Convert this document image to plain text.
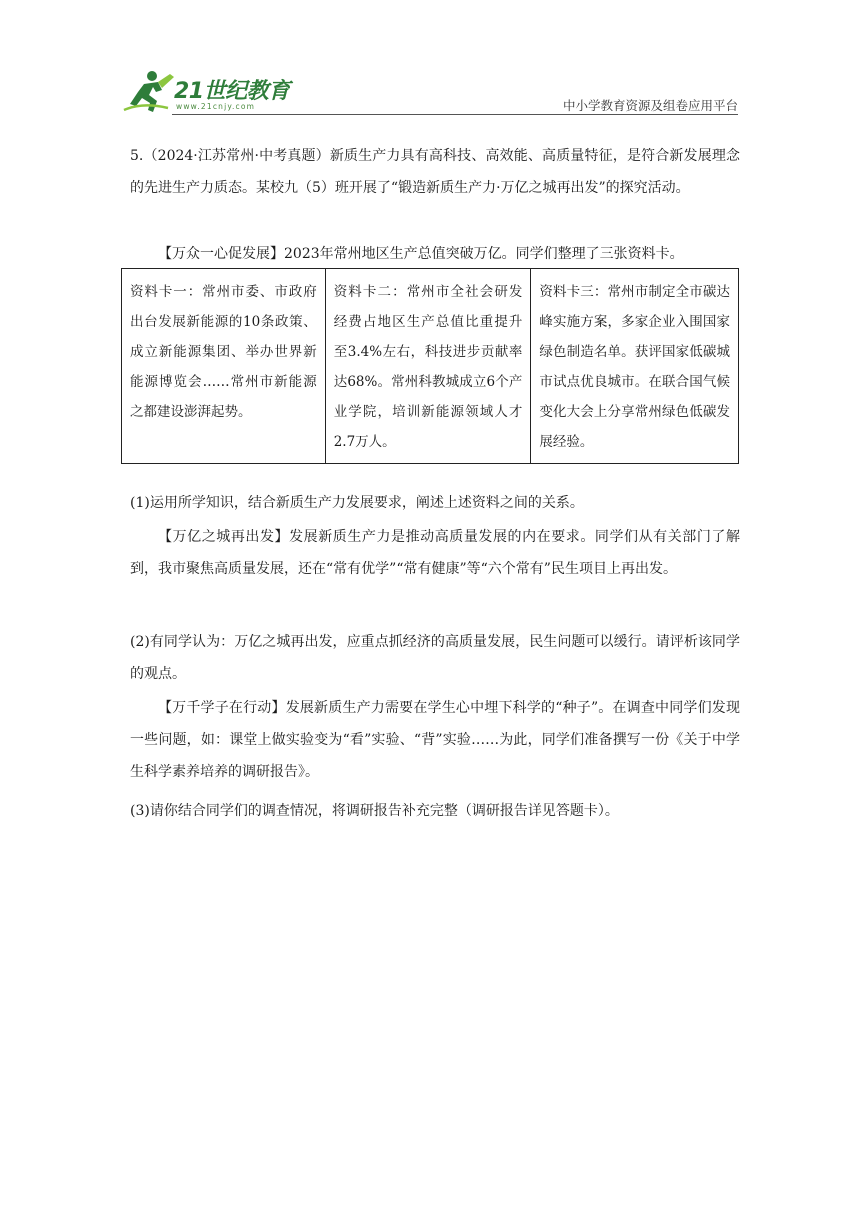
21世纪教育
www.21cnjy.com	中小学教育资源及组卷应用平台
5.（2024·江苏常州·中考真题）新质生产力具有高科技、高效能、高质量特征，是符合新发展理念的先进生产力质态。某校九（5）班开展了“锻造新质生产力·万亿之城再出发”的探究活动。
【万众一心促发展】2023年常州地区生产总值突破万亿。同学们整理了三张资料卡。
资料卡一：常州市委、市政府出台发展新能源的10条政策、成立新能源集团、举办世界新能源博览会……常州市新能源之都建设澎湃起势。	资料卡二：常州市全社会研发经费占地区生产总值比重提升至3.4%左右，科技进步贡献率达68%。常州科教城成立6个产业学院，培训新能源领域人才2.7万人。	资料卡三：常州市制定全市碳达峰实施方案，多家企业入围国家绿色制造名单。获评国家低碳城市试点优良城市。在联合国气候变化大会上分享常州绿色低碳发展经验。
(1)运用所学知识，结合新质生产力发展要求，阐述上述资料之间的关系。
【万亿之城再出发】发展新质生产力是推动高质量发展的内在要求。同学们从有关部门了解到，我市聚焦高质量发展，还在“常有优学”“常有健康”等“六个常有”民生项目上再出发。
(2)有同学认为：万亿之城再出发，应重点抓经济的高质量发展，民生问题可以缓行。请评析该同学的观点。
【万千学子在行动】发展新质生产力需要在学生心中埋下科学的“种子”。在调查中同学们发现一些问题，如：课堂上做实验变为“看”实验、“背”实验……为此，同学们准备撰写一份《关于中学生科学素养培养的调研报告》。
(3)请你结合同学们的调查情况，将调研报告补充完整（调研报告详见答题卡）。
